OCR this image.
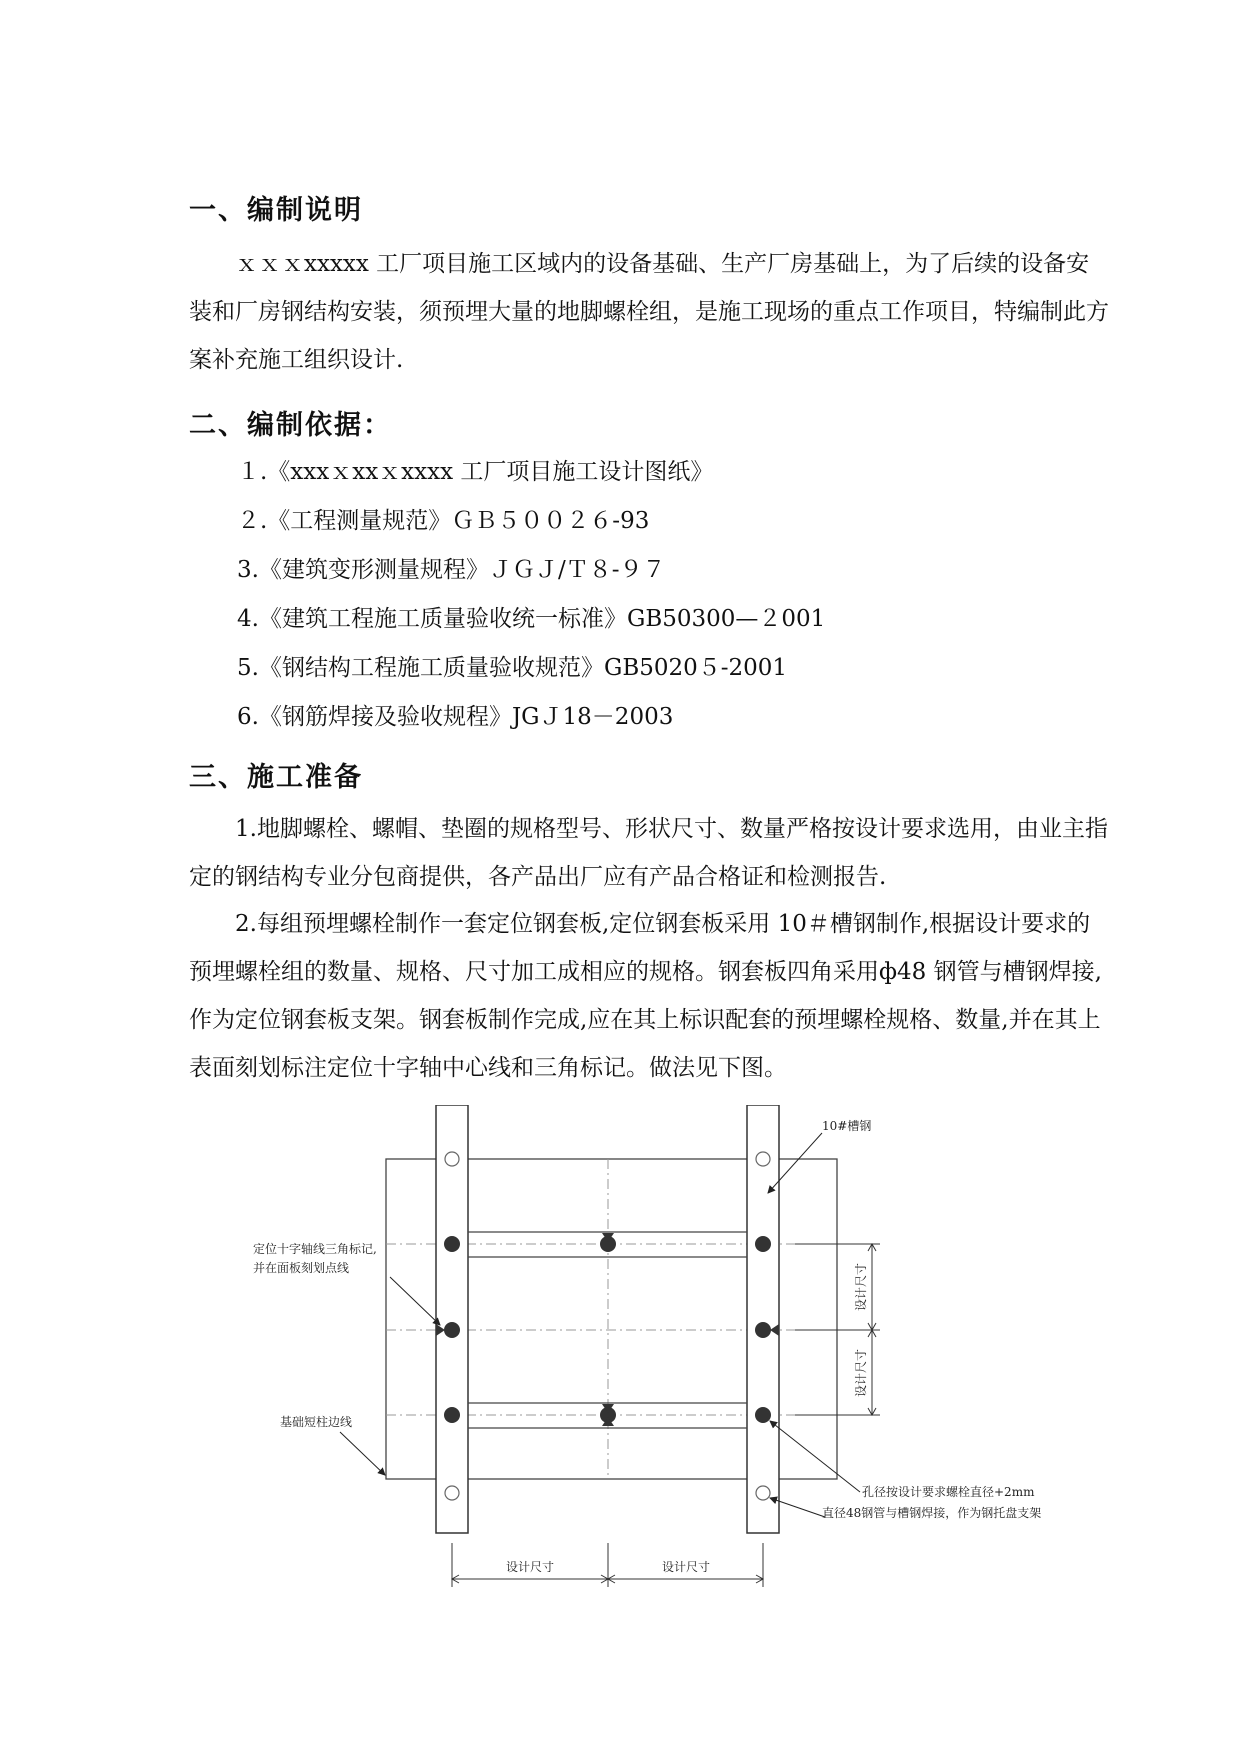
一、编制说明

ｘｘｘxxxxx 工厂项目施工区域内的设备基础、生产厂房基础上，为了后续的设备安装和厂房钢结构安装，须预埋大量的地脚螺栓组，是施工现场的重点工作项目，特编制此方案补充施工组织设计.

二、编制依据：
１.《xxxｘxxｘxxxx 工厂项目施工设计图纸》
２.《工程测量规范》ＧＢ５００２６-93
3.《建筑变形测量规程》ＪＧＪ/Ｔ８-９７
4.《建筑工程施工质量验收统一标准》GB50300—２001
5.《钢结构工程施工质量验收规范》GB5020５-2001
6.《钢筋焊接及验收规程》JGＪ18－2003
三、施工准备

1.地脚螺栓、螺帽、垫圈的规格型号、形状尺寸、数量严格按设计要求选用，由业主指定的钢结构专业分包商提供，各产品出厂应有产品合格证和检测报告.

2.每组预埋螺栓制作一套定位钢套板,定位钢套板采用 10＃槽钢制作,根据设计要求的预埋螺栓组的数量、规格、尺寸加工成相应的规格。钢套板四角采用ф48 钢管与槽钢焊接,作为定位钢套板支架。钢套板制作完成,应在其上标识配套的预埋螺栓规格、数量,并在其上表面刻划标注定位十字轴中心线和三角标记。做法见下图。

设计尺寸
设计尺寸
设计尺寸	设计尺寸
10#槽钢
定位十字轴线三角标记,
并在面板刻划点线
基础短柱边线
孔径按设计要求螺栓直径+2mm
直径48钢管与槽钢焊接，作为钢托盘支架
